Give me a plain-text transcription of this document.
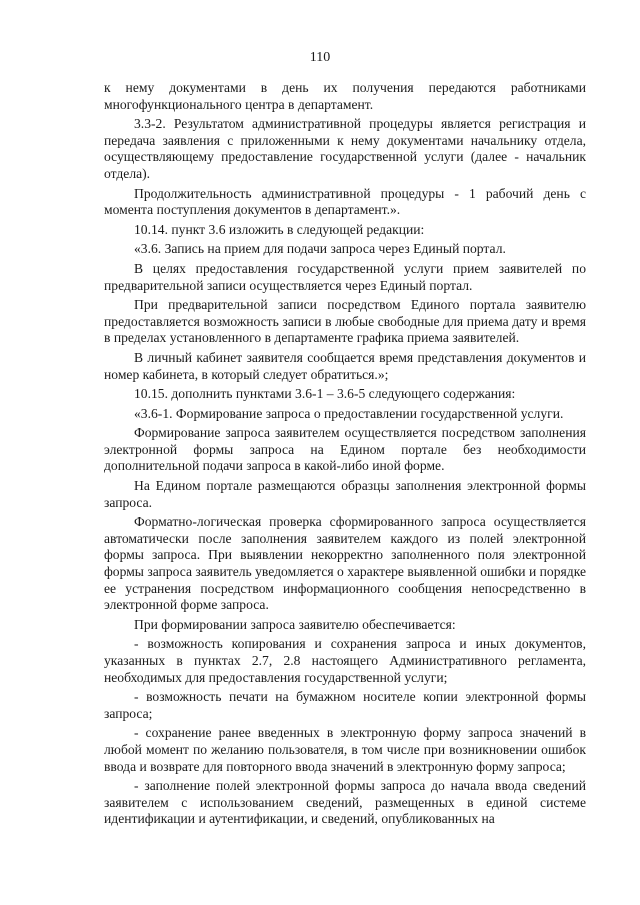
110

к нему документами в день их получения передаются работниками многофункционального центра в департамент.

3.3-2. Результатом административной процедуры является регистрация и передача заявления с приложенными к нему документами начальнику отдела, осуществляющему предоставление государственной услуги (далее - начальник отдела).

Продолжительность административной процедуры - 1 рабочий день с момента поступления документов в департамент.».

10.14. пункт 3.6 изложить в следующей редакции:

«3.6. Запись на прием для подачи запроса через Единый портал.

В целях предоставления государственной услуги прием заявителей по предварительной записи осуществляется через Единый портал.

При предварительной записи посредством Единого портала заявителю предоставляется возможность записи в любые свободные для приема дату и время в пределах установленного в департаменте графика приема заявителей.

В личный кабинет заявителя сообщается время представления документов и номер кабинета, в который следует обратиться.»;

10.15. дополнить пунктами 3.6-1 – 3.6-5 следующего содержания:

«3.6-1. Формирование запроса о предоставлении государственной услуги.

Формирование запроса заявителем осуществляется посредством заполнения электронной формы запроса на Едином портале без необходимости дополнительной подачи запроса в какой-либо иной форме.

На Едином портале размещаются образцы заполнения электронной формы запроса.

Форматно-логическая проверка сформированного запроса осуществляется автоматически после заполнения заявителем каждого из полей электронной формы запроса. При выявлении некорректно заполненного поля электронной формы запроса заявитель уведомляется о характере выявленной ошибки и порядке ее устранения посредством информационного сообщения непосредственно в электронной форме запроса.

При формировании запроса заявителю обеспечивается:

- возможность копирования и сохранения запроса и иных документов, указанных в пунктах 2.7, 2.8 настоящего Административного регламента, необходимых для предоставления государственной услуги;

- возможность печати на бумажном носителе копии электронной формы запроса;

- сохранение ранее введенных в электронную форму запроса значений в любой момент по желанию пользователя, в том числе при возникновении ошибок ввода и возврате для повторного ввода значений в электронную форму запроса;

- заполнение полей электронной формы запроса до начала ввода сведений заявителем с использованием сведений, размещенных в единой системе идентификации и аутентификации, и сведений, опубликованных на
